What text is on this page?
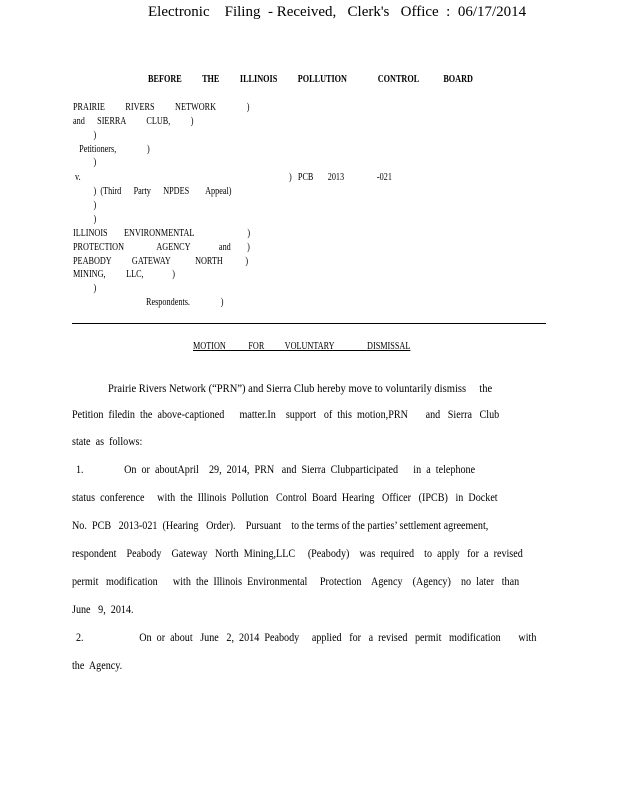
Electronic    Filing  - Received,   Clerk's   Office  :  06/17/2014
BEFORE          THE          ILLINOIS          POLLUTION               CONTROL            BOARD
PRAIRIE          RIVERS          NETWORK               )
and      SIERRA          CLUB,          )
)
Petitioners,               )
)
v.	)   PCB       2013                -021
)  (Third      Party      NPDES        Appeal)
)
)
ILLINOIS        ENVIRONMENTAL                          )
PROTECTION                AGENCY              and        )
PEABODY          GATEWAY            NORTH           )
MINING,          LLC,              )
)
Respondents.               )
MOTION           FOR          VOLUNTARY                DISMISSAL
Prairie Rivers Network (“PRN”) and Sierra Club hereby move to voluntarily dismiss     the
Petition  filedin  the  above-captioned      matter.In    support   of  this  motion,PRN       and   Sierra   Club
state  as  follows:
1.                On  or  aboutApril    29,  2014,  PRN   and  Sierra  Clubparticipated      in  a  telephone
status  conference     with  the  Illinois  Pollution   Control  Board  Hearing   Officer   (IPCB)   in  Docket
No.  PCB   2013-021  (Hearing   Order).    Pursuant    to the terms of the parties’ settlement agreement,
respondent    Peabody    Gateway   North  Mining,LLC     (Peabody)    was  required    to  apply   for  a  revised
permit   modification      with  the  Illinois  Environmental     Protection    Agency    (Agency)    no  later   than
June   9,  2014.
2.                      On  or  about   June   2,  2014  Peabody     applied   for   a  revised   permit   modification       with
the  Agency.
